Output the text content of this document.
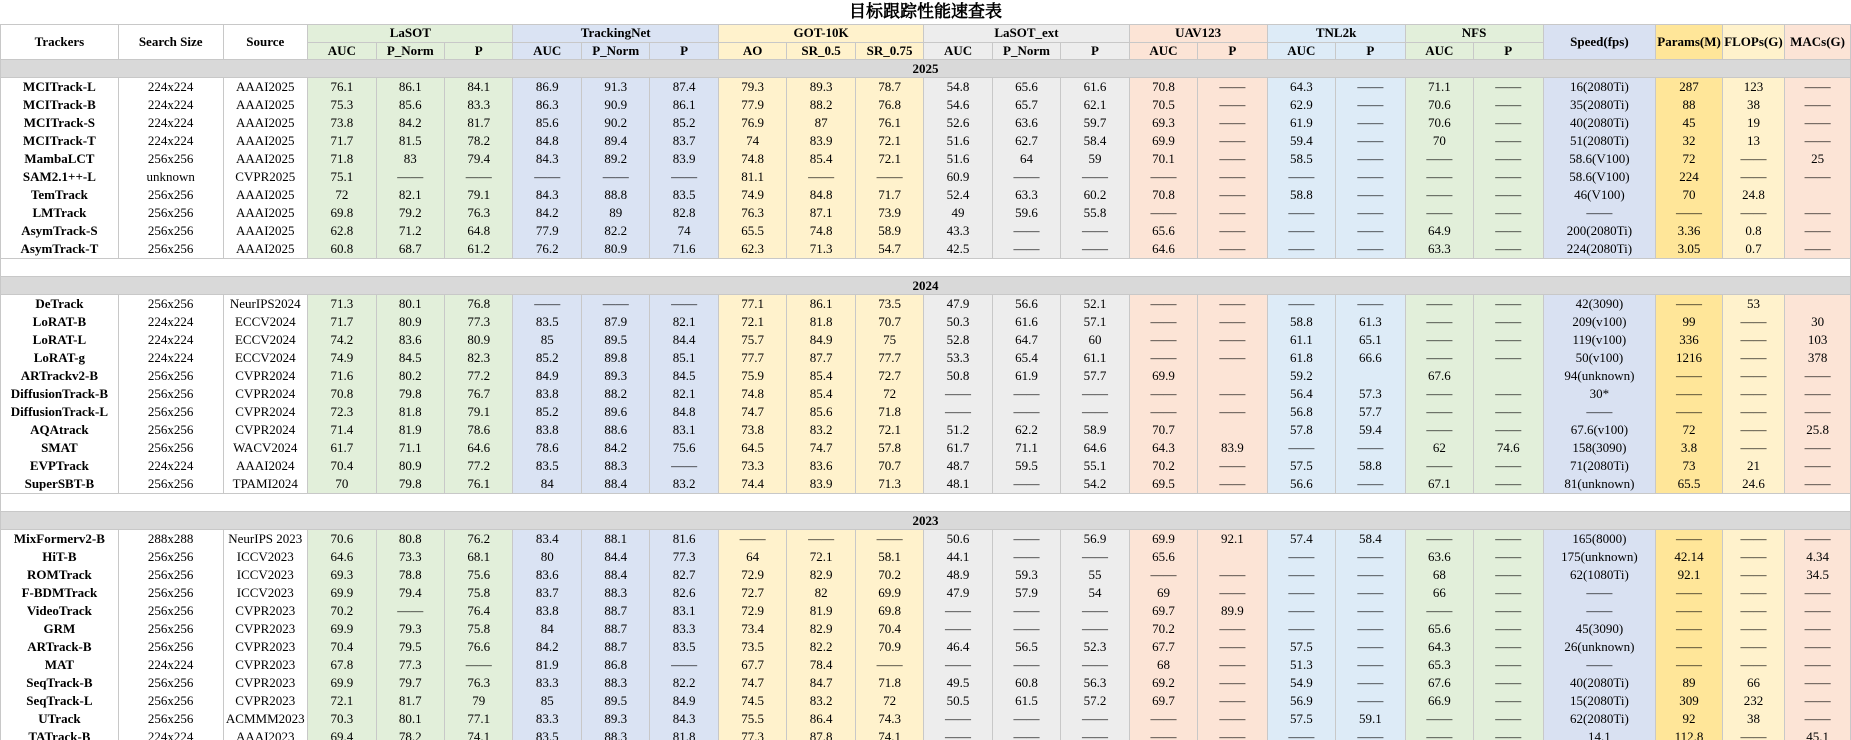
目标跟踪性能速查表																								
Trackers	Search Size	Source	LaSOT			TrackingNet			GOT-10K			LaSOT_ext			UAV123		TNL2k		NFS		Speed(fps)	Params(M)	FLOPs(G)	MACs(G)
			AUC	P_Norm	P	AUC	P_Norm	P	AO	SR_0.5	SR_0.75	AUC	P_Norm	P	AUC	P	AUC	P	AUC	P				
2025																								
MCITrack-L	224x224	AAAI2025	76.1	86.1	84.1	86.9	91.3	87.4	79.3	89.3	78.7	54.8	65.6	61.6	70.8	——	64.3	——	71.1	——	16(2080Ti)	287	123	——
MCITrack-B	224x224	AAAI2025	75.3	85.6	83.3	86.3	90.9	86.1	77.9	88.2	76.8	54.6	65.7	62.1	70.5	——	62.9	——	70.6	——	35(2080Ti)	88	38	——
MCITrack-S	224x224	AAAI2025	73.8	84.2	81.7	85.6	90.2	85.2	76.9	87	76.1	52.6	63.6	59.7	69.3	——	61.9	——	70.6	——	40(2080Ti)	45	19	——
MCITrack-T	224x224	AAAI2025	71.7	81.5	78.2	84.8	89.4	83.7	74	83.9	72.1	51.6	62.7	58.4	69.9	——	59.4	——	70	——	51(2080Ti)	32	13	——
MambaLCT	256x256	AAAI2025	71.8	83	79.4	84.3	89.2	83.9	74.8	85.4	72.1	51.6	64	59	70.1	——	58.5	——	——	——	58.6(V100)	72	——	25
SAM2.1++-L	unknown	CVPR2025	75.1	——	——	——	——	——	81.1	——	——	60.9	——	——	——	——	——	——	——	——	58.6(V100)	224	——	——
TemTrack	256x256	AAAI2025	72	82.1	79.1	84.3	88.8	83.5	74.9	84.8	71.7	52.4	63.3	60.2	70.8	——	58.8	——	——	——	46(V100)	70	24.8	
LMTrack	256x256	AAAI2025	69.8	79.2	76.3	84.2	89	82.8	76.3	87.1	73.9	49	59.6	55.8	——	——	——	——	——	——	——	——	——	——
AsymTrack-S	256x256	AAAI2025	62.8	71.2	64.8	77.9	82.2	74	65.5	74.8	58.9	43.3	——	——	65.6	——	——	——	64.9	——	200(2080Ti)	3.36	0.8	——
AsymTrack-T	256x256	AAAI2025	60.8	68.7	61.2	76.2	80.9	71.6	62.3	71.3	54.7	42.5	——	——	64.6	——	——	——	63.3	——	224(2080Ti)	3.05	0.7	——

2024																								
DeTrack	256x256	NeurIPS2024	71.3	80.1	76.8	——	——	——	77.1	86.1	73.5	47.9	56.6	52.1	——	——	——	——	——	——	42(3090)	——	53	
LoRAT-B	224x224	ECCV2024	71.7	80.9	77.3	83.5	87.9	82.1	72.1	81.8	70.7	50.3	61.6	57.1	——	——	58.8	61.3	——	——	209(v100)	99	——	30
LoRAT-L	224x224	ECCV2024	74.2	83.6	80.9	85	89.5	84.4	75.7	84.9	75	52.8	64.7	60	——	——	61.1	65.1	——	——	119(v100)	336	——	103
LoRAT-g	224x224	ECCV2024	74.9	84.5	82.3	85.2	89.8	85.1	77.7	87.7	77.7	53.3	65.4	61.1	——	——	61.8	66.6	——	——	50(v100)	1216	——	378
ARTrackv2-B	256x256	CVPR2024	71.6	80.2	77.2	84.9	89.3	84.5	75.9	85.4	72.7	50.8	61.9	57.7	69.9		59.2		67.6		94(unknown)	——	——	——
DiffusionTrack-B	256x256	CVPR2024	70.8	79.8	76.7	83.8	88.2	82.1	74.8	85.4	72	——	——	——	——	——	56.4	57.3	——	——	30*	——	——	——
DiffusionTrack-L	256x256	CVPR2024	72.3	81.8	79.1	85.2	89.6	84.8	74.7	85.6	71.8	——	——	——	——	——	56.8	57.7	——	——	——	——	——	——
AQAtrack	256x256	CVPR2024	71.4	81.9	78.6	83.8	88.6	83.1	73.8	83.2	72.1	51.2	62.2	58.9	70.7		57.8	59.4	——	——	67.6(v100)	72	——	25.8
SMAT	256x256	WACV2024	61.7	71.1	64.6	78.6	84.2	75.6	64.5	74.7	57.8	61.7	71.1	64.6	64.3	83.9	——	——	62	74.6	158(3090)	3.8	——	——
EVPTrack	224x224	AAAI2024	70.4	80.9	77.2	83.5	88.3	——	73.3	83.6	70.7	48.7	59.5	55.1	70.2	——	57.5	58.8	——	——	71(2080Ti)	73	21	——
SuperSBT-B	256x256	TPAMI2024	70	79.8	76.1	84	88.4	83.2	74.4	83.9	71.3	48.1	——	54.2	69.5	——	56.6	——	67.1	——	81(unknown)	65.5	24.6	——

2023																								
MixFormerv2-B	288x288	NeurIPS 2023	70.6	80.8	76.2	83.4	88.1	81.6	——	——	——	50.6	——	56.9	69.9	92.1	57.4	58.4	——	——	165(8000)	——	——	——
HiT-B	256x256	ICCV2023	64.6	73.3	68.1	80	84.4	77.3	64	72.1	58.1	44.1	——	——	65.6		——	——	63.6	——	175(unknown)	42.14	——	4.34
ROMTrack	256x256	ICCV2023	69.3	78.8	75.6	83.6	88.4	82.7	72.9	82.9	70.2	48.9	59.3	55	——	——	——	——	68	——	62(1080Ti)	92.1	——	34.5
F-BDMTrack	256x256	ICCV2023	69.9	79.4	75.8	83.7	88.3	82.6	72.7	82	69.9	47.9	57.9	54	69	——	——	——	66	——	——	——	——	——
VideoTrack	256x256	CVPR2023	70.2	——	76.4	83.8	88.7	83.1	72.9	81.9	69.8	——	——	——	69.7	89.9	——	——	——	——	——	——	——	——
GRM	256x256	CVPR2023	69.9	79.3	75.8	84	88.7	83.3	73.4	82.9	70.4	——	——	——	70.2	——	——	——	65.6	——	45(3090)	——	——	——
ARTrack-B	256x256	CVPR2023	70.4	79.5	76.6	84.2	88.7	83.5	73.5	82.2	70.9	46.4	56.5	52.3	67.7	——	57.5	——	64.3	——	26(unknown)	——	——	——
MAT	224x224	CVPR2023	67.8	77.3	——	81.9	86.8	——	67.7	78.4	——	——	——	——	68	——	51.3	——	65.3	——	——	——	——	——
SeqTrack-B	256x256	CVPR2023	69.9	79.7	76.3	83.3	88.3	82.2	74.7	84.7	71.8	49.5	60.8	56.3	69.2	——	54.9	——	67.6	——	40(2080Ti)	89	66	——
SeqTrack-L	256x256	CVPR2023	72.1	81.7	79	85	89.5	84.9	74.5	83.2	72	50.5	61.5	57.2	69.7	——	56.9	——	66.9	——	15(2080Ti)	309	232	——
UTrack	256x256	ACMMM2023	70.3	80.1	77.1	83.3	89.3	84.3	75.5	86.4	74.3	——	——	——	——	——	57.5	59.1	——	——	62(2080Ti)	92	38	——
TATrack-B	224x224	AAAI2023	69.4	78.2	74.1	83.5	88.3	81.8	77.3	87.8	74.1	——	——	——	——	——	——	——	——	——	14.1	112.8	——	45.1
